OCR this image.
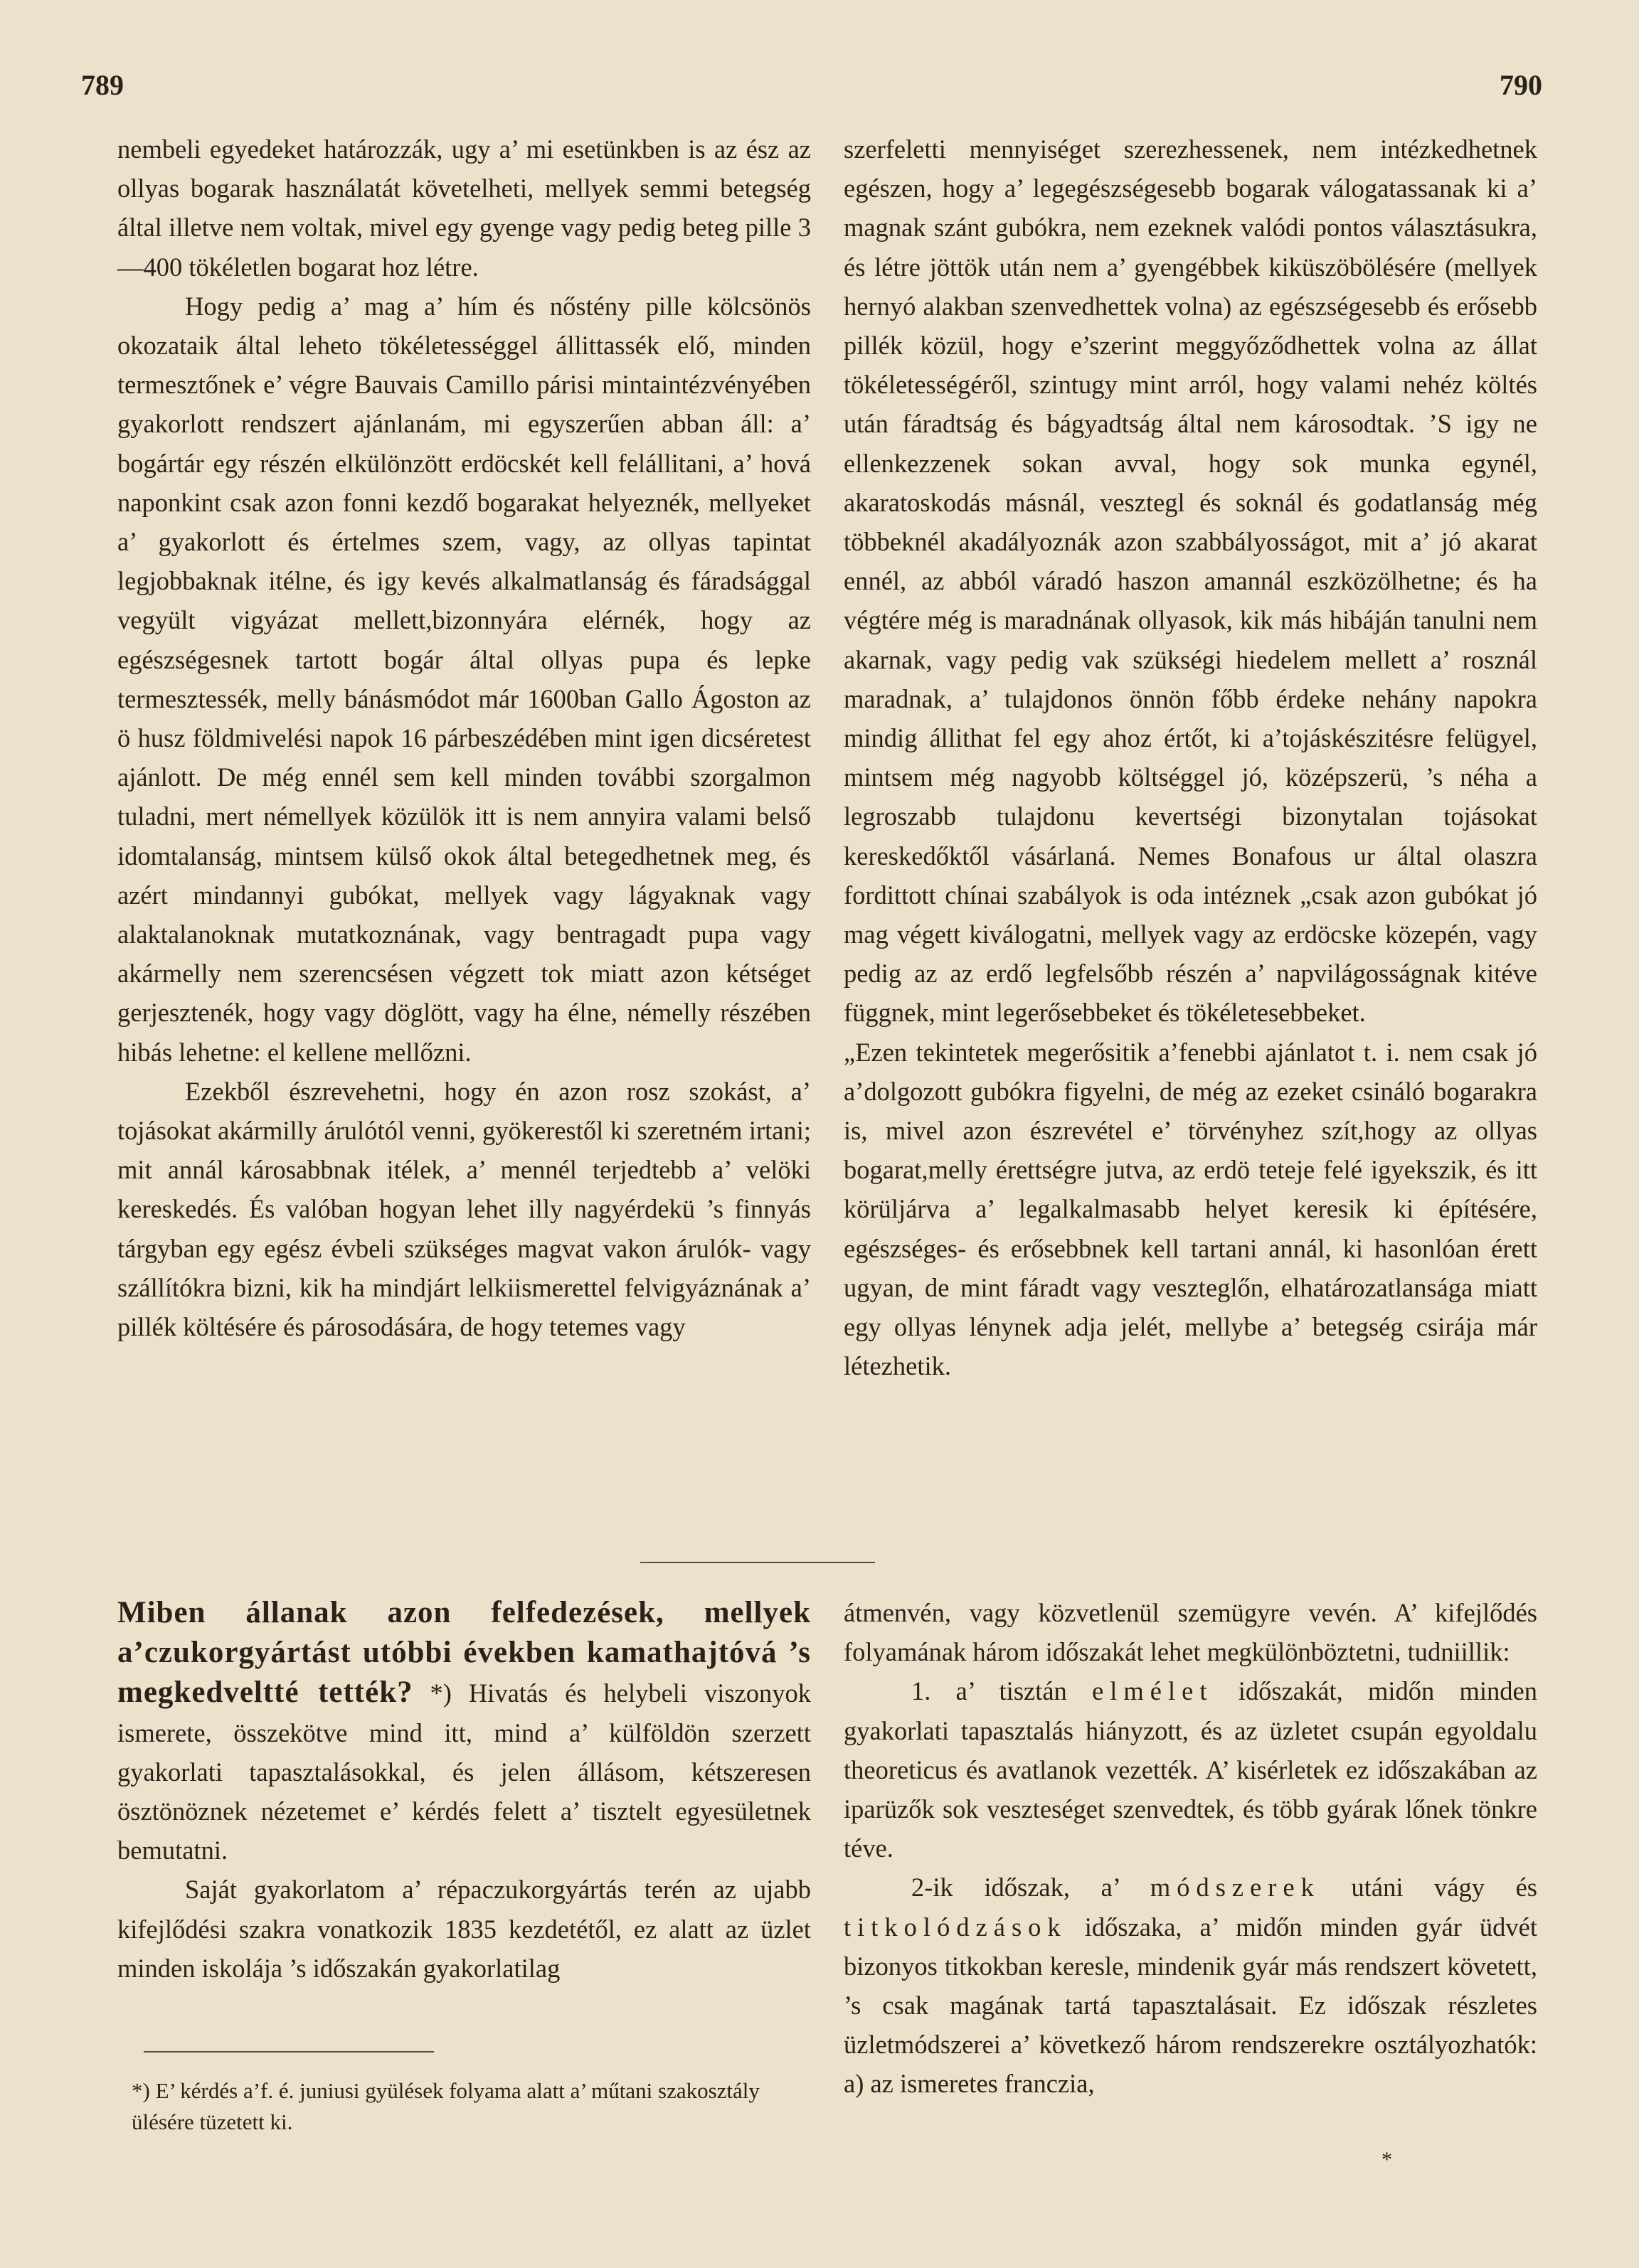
789	790

nembeli egyedeket határozzák, ugy a’ mi esetünkben is az ész az ollyas bogarak használatát követelheti, mellyek semmi betegség által illetve nem voltak, mivel egy gyenge vagy pedig beteg pille 3—400 tökéletlen bogarat hoz létre.

Hogy pedig a’ mag a’ hím és nőstény pille kölcsönös okozataik által leheto tökéletességgel állittassék elő, minden termesztőnek e’ végre Bauvais Camillo párisi mintaintézvényében gyakorlott rendszert ajánlanám, mi egyszerűen abban áll: a’ bogártár egy részén elkülönzött erdöcskét kell felállitani, a’ hová naponkint csak azon fonni kezdő bogarakat helyeznék, mellyeket a’ gyakorlott és értelmes szem, vagy, az ollyas tapintat legjobbaknak itélne, és igy kevés alkalmatlanság és fáradsággal vegyült vigyázat mellett,bizonnyára elérnék, hogy az egészségesnek tartott bogár által ollyas pupa és lepke termesztessék, melly bánásmódot már 1600ban Gallo Ágoston az ö husz földmivelési napok 16 párbeszédében mint igen dicséretest ajánlott. De még ennél sem kell minden további szorgalmon tuladni, mert némellyek közülök itt is nem annyira valami belső idomtalanság, mintsem külső okok által betegedhetnek meg, és azért mindannyi gubókat, mellyek vagy lágyaknak vagy alaktalanoknak mutatkoznának, vagy bentragadt pupa vagy akármelly nem szerencsésen végzett tok miatt azon kétséget gerjesztenék, hogy vagy döglött, vagy ha élne, némelly részében hibás lehetne: el kellene mellőzni.

Ezekből észrevehetni, hogy én azon rosz szokást, a’ tojásokat akármilly árulótól venni, gyökerestől ki szeretném irtani; mit annál károsabbnak itélek, a’ mennél terjedtebb a’ velöki kereskedés. És valóban hogyan lehet illy nagyérdekü ’s finnyás tárgyban egy egész évbeli szükséges magvat vakon árulók- vagy szállítókra bizni, kik ha mindjárt lelkiismerettel felvigyáznának a’ pillék költésére és párosodására, de hogy tetemes vagy

szerfeletti mennyiséget szerezhessenek, nem intézkedhetnek egészen, hogy a’ legegészségesebb bogarak válogatassanak ki a’ magnak szánt gubókra, nem ezeknek valódi pontos választásukra, és létre jöttök után nem a’ gyengébbek kiküszöbölésére (mellyek hernyó alakban szenvedhettek volna) az egészségesebb és erősebb pillék közül, hogy e’szerint meggyőződhettek volna az állat tökéletességéről, szintugy mint arról, hogy valami nehéz költés után fáradtság és bágyadtság által nem károsodtak. ’S igy ne ellenkezzenek sokan avval, hogy sok munka egynél, akaratoskodás másnál, vesztegl és soknál és godatlanság még többeknél akadályoznák azon szabbályosságot, mit a’ jó akarat ennél, az abból váradó haszon amannál eszközölhetne; és ha végtére még is maradnának ollyasok, kik más hibáján tanulni nem akarnak, vagy pedig vak szükségi hiedelem mellett a’ rosznál maradnak, a’ tulajdonos önnön főbb érdeke nehány napokra mindig állithat fel egy ahoz értőt, ki a’tojáskészitésre felügyel, mintsem még nagyobb költséggel jó, középszerü, ’s néha a legroszabb tulajdonu kevertségi bizonytalan tojásokat kereskedőktől vásárlaná. Nemes Bonafous ur által olaszra fordittott chínai szabályok is oda intéznek „csak azon gubókat jó mag végett kiválogatni, mellyek vagy az erdöcske közepén, vagy pedig az az erdő legfelsőbb részén a’ napvilágosságnak kitéve függnek, mint legerősebbeket és tökéletesebbeket.

„Ezen tekintetek megerősitik a’fenebbi ajánlatot t. i. nem csak jó a’dolgozott gubókra figyelni, de még az ezeket csináló bogarakra is, mivel azon észrevétel e’ törvényhez szít,hogy az ollyas bogarat,melly érettségre jutva, az erdö teteje felé igyekszik, és itt körüljárva a’ legalkalmasabb helyet keresik ki építésére, egészséges- és erősebbnek kell tartani annál, ki hasonlóan érett ugyan, de mint fáradt vagy veszteglőn, elhatározatlansága miatt egy ollyas lénynek adja jelét, mellybe a’ betegség csirája már létezhetik.

Miben állanak azon felfedezések, mellyek a’czukorgyártást utóbbi években kamathajtóvá ’s megkedveltté tették? *) Hivatás és helybeli viszonyok ismerete, összekötve mind itt, mind a’ külföldön szerzett gyakorlati tapasztalásokkal, és jelen állásom, kétszeresen ösztönöznek nézetemet e’ kérdés felett a’ tisztelt egyesületnek bemutatni.

Saját gyakorlatom a’ répaczukorgyártás terén az ujabb kifejlődési szakra vonatkozik 1835 kezdetétől, ez alatt az üzlet minden iskolája ’s időszakán gyakorlatilag

*) E’ kérdés a’f. é. juniusi gyülések folyama alatt a’ műtani szakosztály ülésére tüzetett ki.

átmenvén, vagy közvetlenül szemügyre vevén. A’ kifejlődés folyamának három időszakát lehet megkülönböztetni, tudniillik:

1. a’ tisztán elmélet időszakát, midőn minden gyakorlati tapasztalás hiányzott, és az üzletet csupán egyoldalu theoreticus és avatlanok vezették. A’ kisérletek ez időszakában az iparüzők sok veszteséget szenvedtek, és több gyárak lőnek tönkre téve.

2-ik időszak, a’ módszerek utáni vágy és titkolódzások időszaka, a’ midőn minden gyár üdvét bizonyos titkokban keresle, mindenik gyár más rendszert követett, ’s csak magának tartá tapasztalásait. Ez időszak részletes üzletmódszerei a’ következő három rendszerekre osztályozhatók: a) az ismeretes franczia,

*
